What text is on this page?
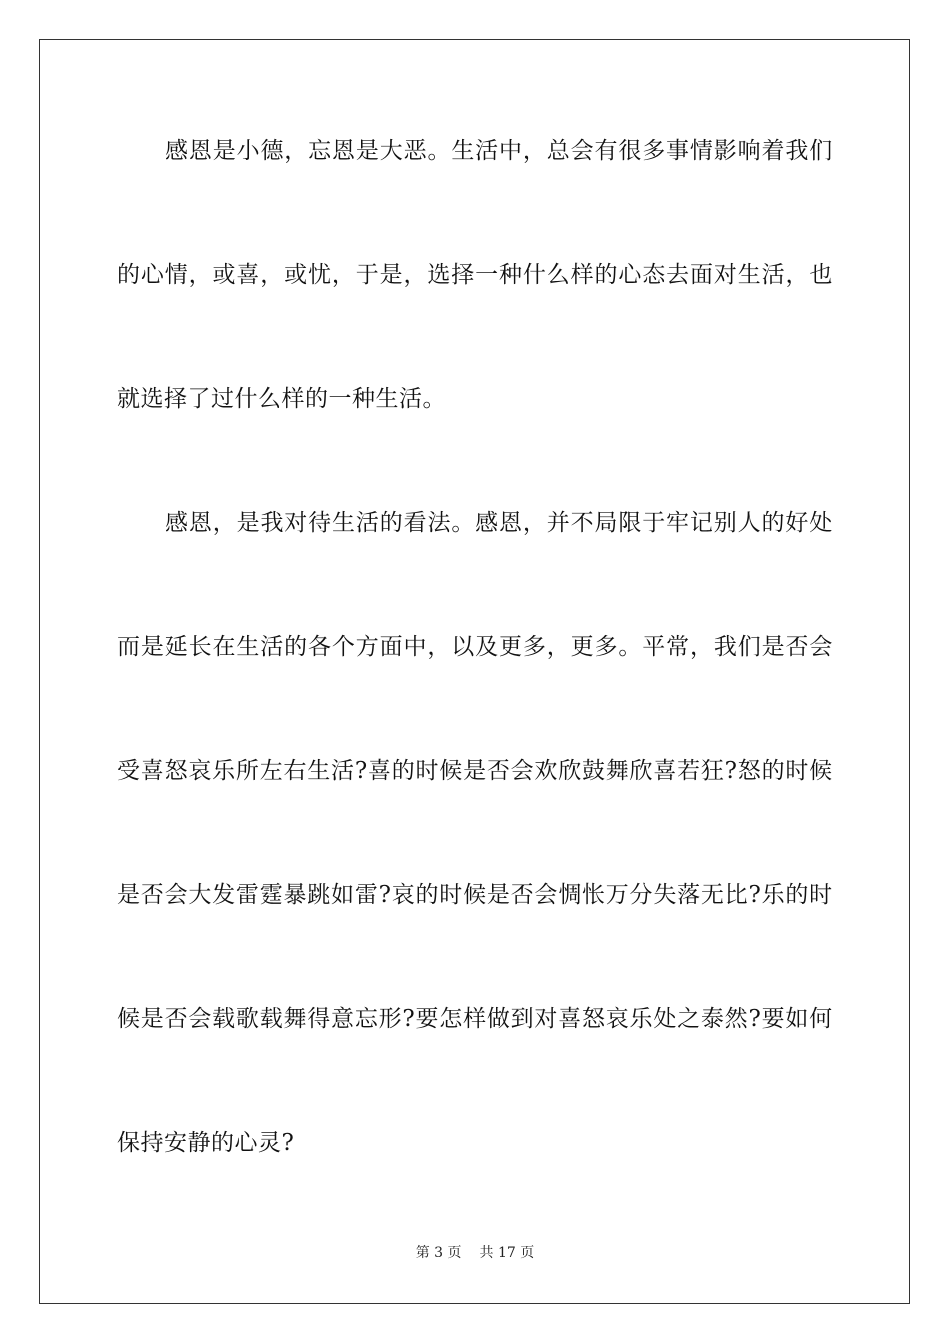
感 恩 是 小 德 ， 忘 恩 是 大 恶 。 生 活 中 ， 总 会 有 很 多 事 情 影 响 着 我 们
的 心 情 ， 或 喜 ， 或 忧 ， 于 是 ， 选 择 一 种 什 么 样 的 心 态 去 面 对 生 活 ， 也
就选择了过什么样的一种生活。
感 恩 ， 是 我 对 待 生 活 的 看 法 。 感 恩 ， 并 不 局 限 于 牢 记 别 人 的 好 处
而 是 延 长 在 生 活 的 各 个 方 面 中 ， 以 及 更 多 ， 更 多 。 平 常 ， 我 们 是 否 会
受 喜 怒 哀 乐 所 左 右 生 活 ? 喜 的 时 候 是 否 会 欢 欣 鼓 舞 欣 喜 若 狂 ? 怒 的 时 候
是 否 会 大 发 雷 霆 暴 跳 如 雷 ? 哀 的 时 候 是 否 会 惆 怅 万 分 失 落 无 比 ? 乐 的 时
候 是 否 会 载 歌 载 舞 得 意 忘 形 ? 要 怎 样 做 到 对 喜 怒 哀 乐 处 之 泰 然 ? 要 如 何
保持安静的心灵?
第 3 页 共 17 页
